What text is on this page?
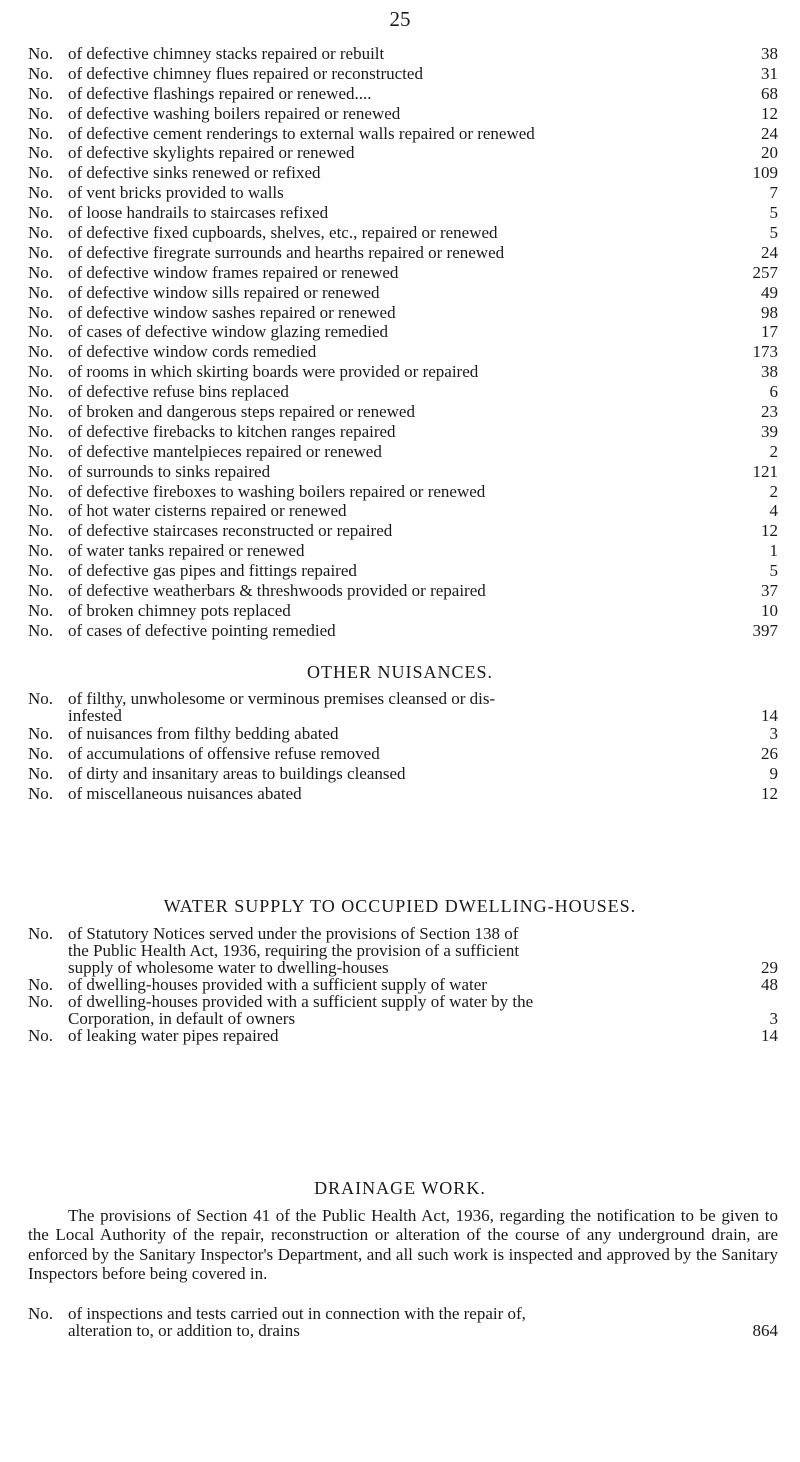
25
No. of defective chimney stacks repaired or rebuilt	38
No. of defective chimney flues repaired or reconstructed	31
No. of defective flashings repaired or renewed....	68
No. of defective washing boilers repaired or renewed	12
No. of defective cement renderings to external walls repaired or renewed	24
No. of defective skylights repaired or renewed	20
No. of defective sinks renewed or refixed	109
No. of vent bricks provided to walls	7
No. of loose handrails to staircases refixed	5
No. of defective fixed cupboards, shelves, etc., repaired or renewed	5
No. of defective firegrate surrounds and hearths repaired or renewed	24
No. of defective window frames repaired or renewed	257
No. of defective window sills repaired or renewed	49
No. of defective window sashes repaired or renewed	98
No. of cases of defective window glazing remedied	17
No. of defective window cords remedied	173
No. of rooms in which skirting boards were provided or repaired	38
No. of defective refuse bins replaced	6
No. of broken and dangerous steps repaired or renewed	23
No. of defective firebacks to kitchen ranges repaired	39
No. of defective mantelpieces repaired or renewed	2
No. of surrounds to sinks repaired	121
No. of defective fireboxes to washing boilers repaired or renewed	2
No. of hot water cisterns repaired or renewed	4
No. of defective staircases reconstructed or repaired	12
No. of water tanks repaired or renewed	1
No. of defective gas pipes and fittings repaired	5
No. of defective weatherbars & threshwoods provided or repaired	37
No. of broken chimney pots replaced	10
No. of cases of defective pointing remedied	397
OTHER NUISANCES.
No. of filthy, unwholesome or verminous premises cleansed or dis-
infested	14
No. of nuisances from filthy bedding abated	3
No. of accumulations of offensive refuse removed	26
No. of dirty and insanitary areas to buildings cleansed	9
No. of miscellaneous nuisances abated	12
WATER SUPPLY TO OCCUPIED DWELLING-HOUSES.
No. of Statutory Notices served under the provisions of Section 138 of
the Public Health Act, 1936, requiring the provision of a sufficient
supply of wholesome water to dwelling-houses	29
No. of dwelling-houses provided with a sufficient supply of water	48
No. of dwelling-houses provided with a sufficient supply of water by the
Corporation, in default of owners	3
No. of leaking water pipes repaired	14
DRAINAGE WORK.
The provisions of Section 41 of the Public Health Act, 1936, regarding the notification to be given to the Local Authority of the repair, reconstruction or alteration of the course of any underground drain, are enforced by the Sanitary Inspector's Department, and all such work is inspected and approved by the Sanitary Inspectors before being covered in.
No. of inspections and tests carried out in connection with the repair of,
alteration to, or addition to, drains	864
